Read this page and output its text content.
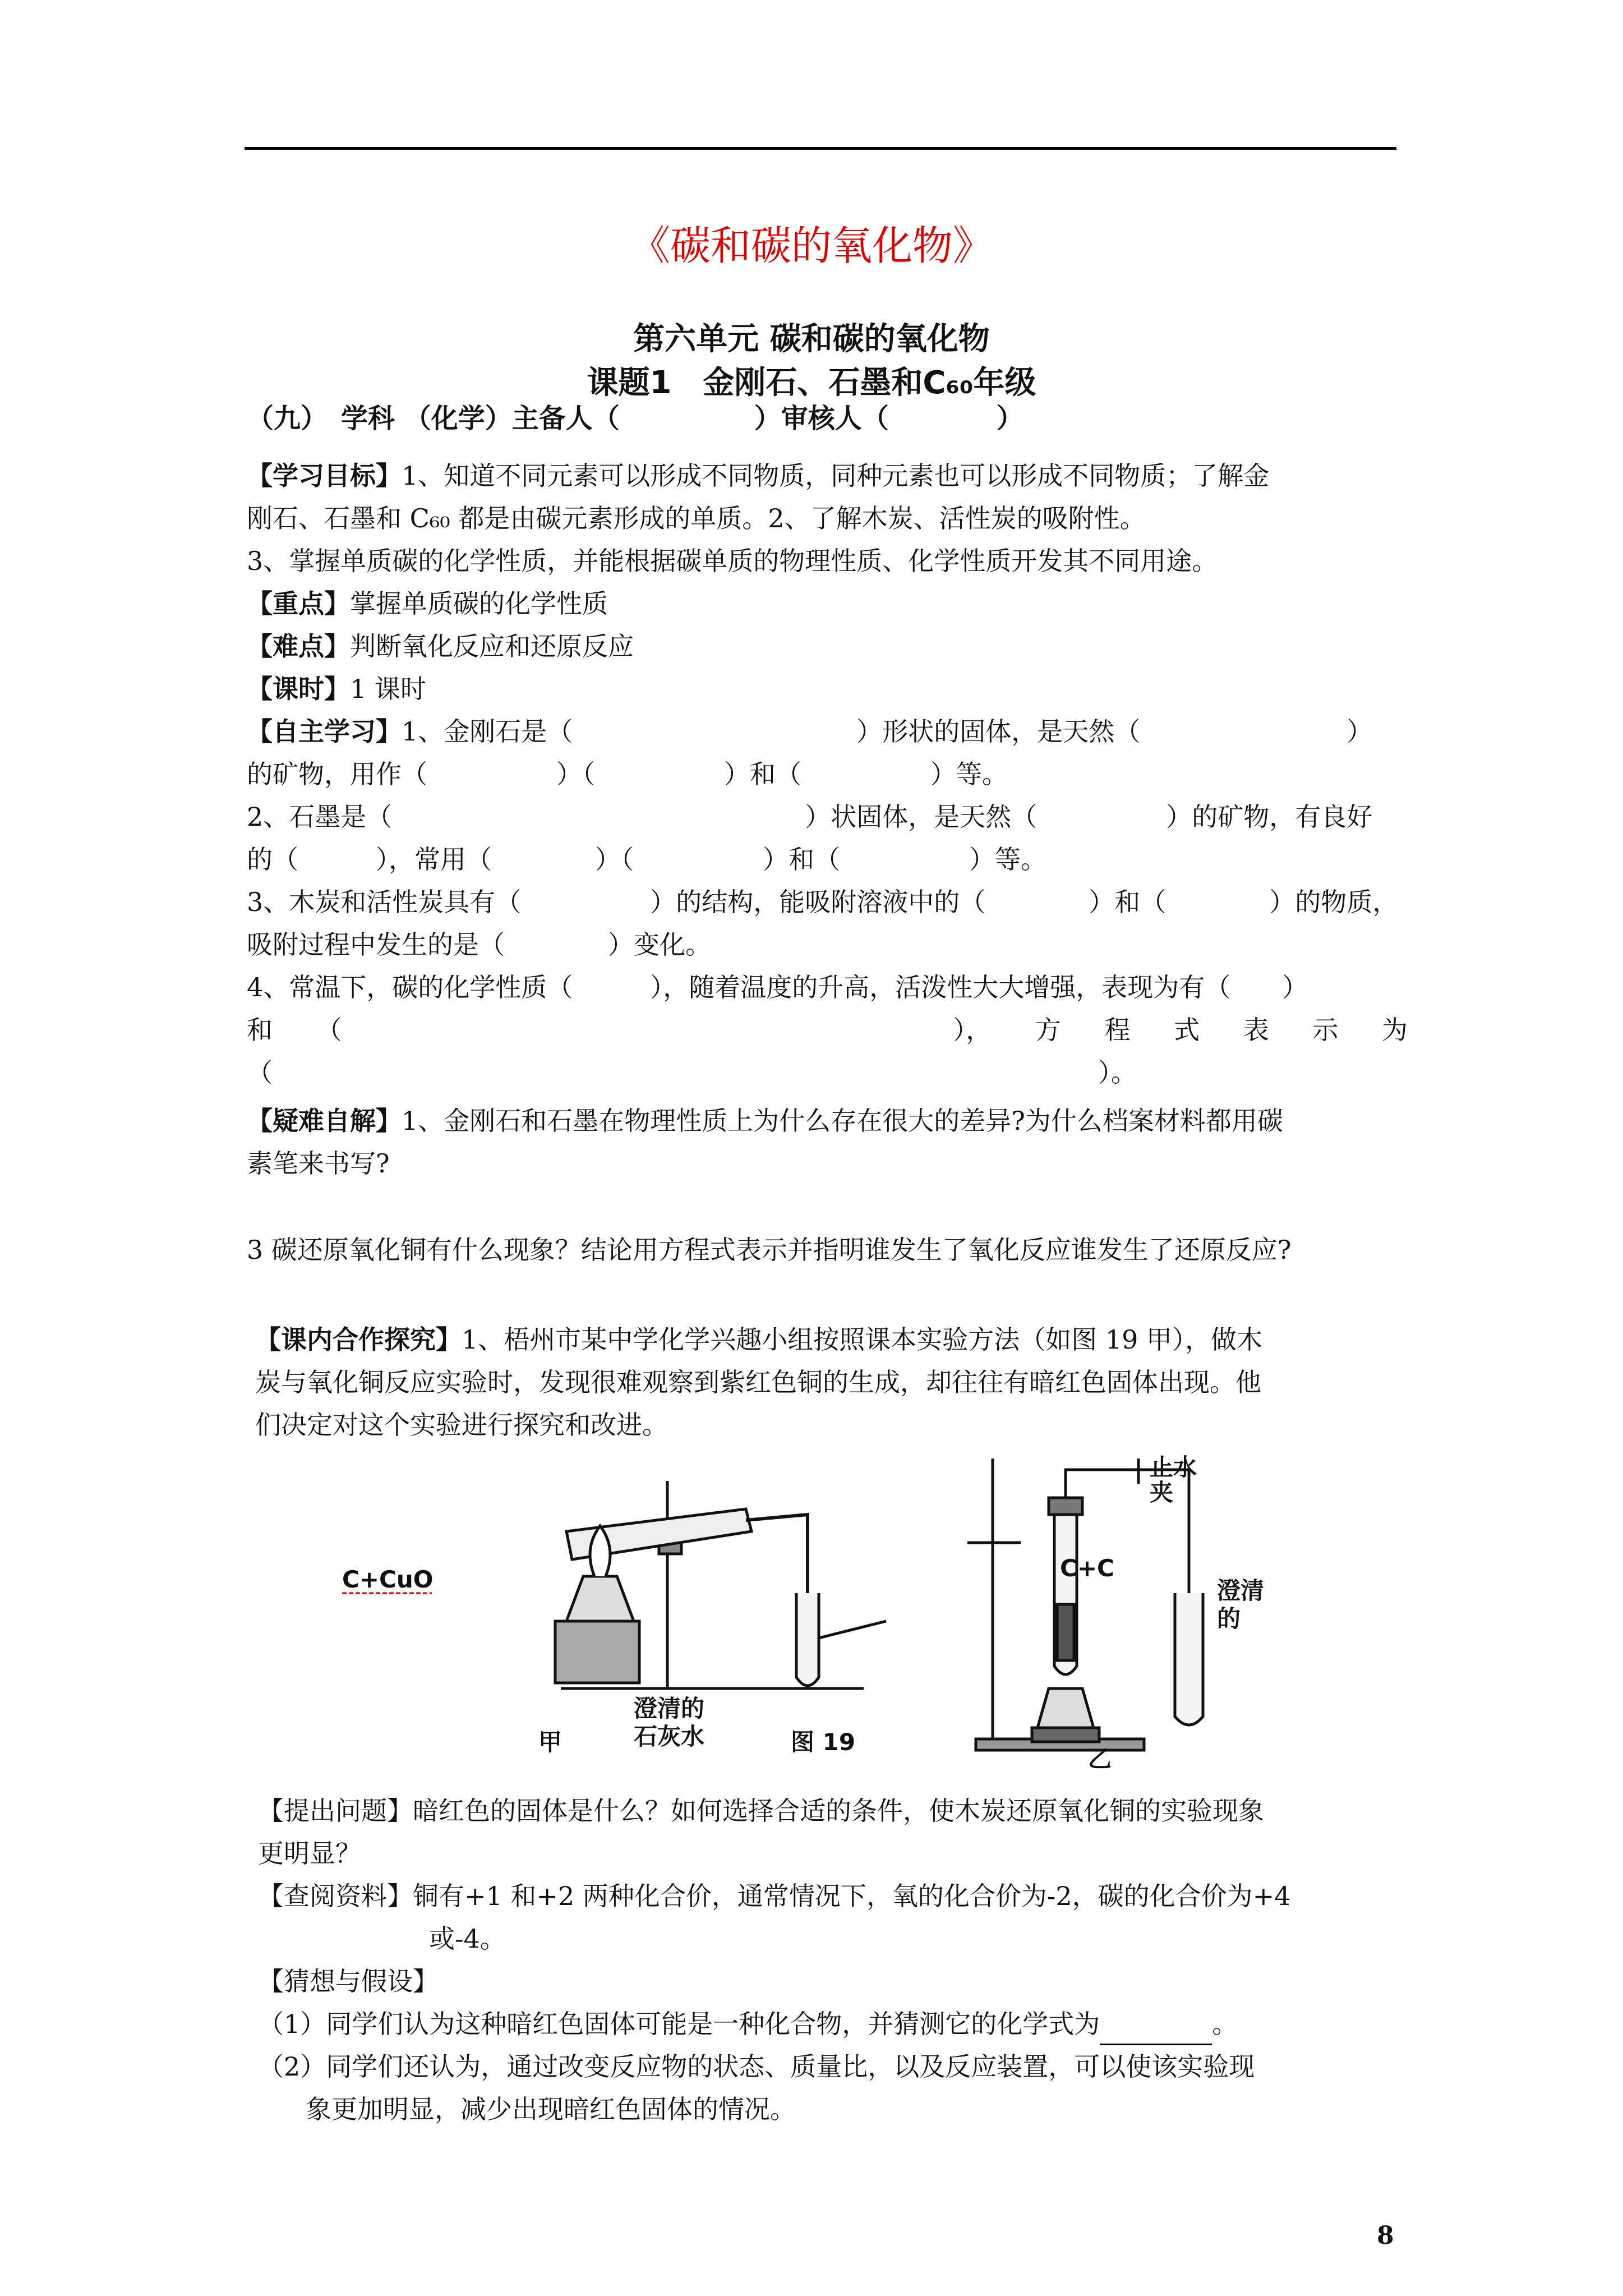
《碳和碳的氧化物》
第六单元 碳和碳的氧化物
课题1　金刚石、石墨和C₆₀年级
（九）　学科 （化学）主备人（　　　　　）审核人（　　　　）
【学习目标】1、知道不同元素可以形成不同物质，同种元素也可以形成不同物质；了解金
刚石、石墨和 C₆₀ 都是由碳元素形成的单质。2、了解木炭、活性炭的吸附性。
3、掌握单质碳的化学性质，并能根据碳单质的物理性质、化学性质开发其不同用途。
【重点】掌握单质碳的化学性质
【难点】判断氧化反应和还原反应
【课时】1 课时
【自主学习】1、金刚石是（　　　　　　　　　　　）形状的固体，是天然（　　　　　　　　）
的矿物，用作（　　　　　）（　　　　　）和（　　　　　）等。
2、石墨是（　　　　　　　　　　　　　　　　）状固体，是天然（　　　　　）的矿物，有良好
的（　　　），常用（　　　　）（　　　　　）和（　　　　　）等。
3、木炭和活性炭具有（　　　　　）的结构，能吸附溶液中的（　　　　）和（　　　　）的物质，
吸附过程中发生的是（　　　　）变化。
4、常温下，碳的化学性质（　　　），随着温度的升高，活泼性大大增强，表现为有（　　）
和 （ 　　　　　　　　　　　　　　　　　　　　　　）， 方 程 式 表 示 为
（　　　　　　　　　　　　　　　　　　　　　　　　　　　　　　　　）。
【疑难自解】1、金刚石和石墨在物理性质上为什么存在很大的差异?为什么档案材料都用碳
素笔来书写?
3 碳还原氧化铜有什么现象？结论用方程式表示并指明谁发生了氧化反应谁发生了还原反应?
【课内合作探究】1、梧州市某中学化学兴趣小组按照课本实验方法（如图 19 甲），做木
炭与氧化铜反应实验时，发现很难观察到紫红色铜的生成，却往往有暗红色固体出现。他
们决定对这个实验进行探究和改进。
C+CuO
澄清的
石灰水
甲	图 19
乙
止水
夹
C+C
澄清
的
【提出问题】暗红色的固体是什么？如何选择合适的条件，使木炭还原氧化铜的实验现象
更明显？
【查阅资料】铜有+1 和+2 两种化合价，通常情况下，氧的化合价为-2，碳的化合价为+4
或-4。
【猜想与假设】
（1）同学们认为这种暗红色固体可能是一种化合物，并猜测它的化学式为	。
（2）同学们还认为，通过改变反应物的状态、质量比，以及反应装置，可以使该实验现
象更加明显，减少出现暗红色固体的情况。
8
